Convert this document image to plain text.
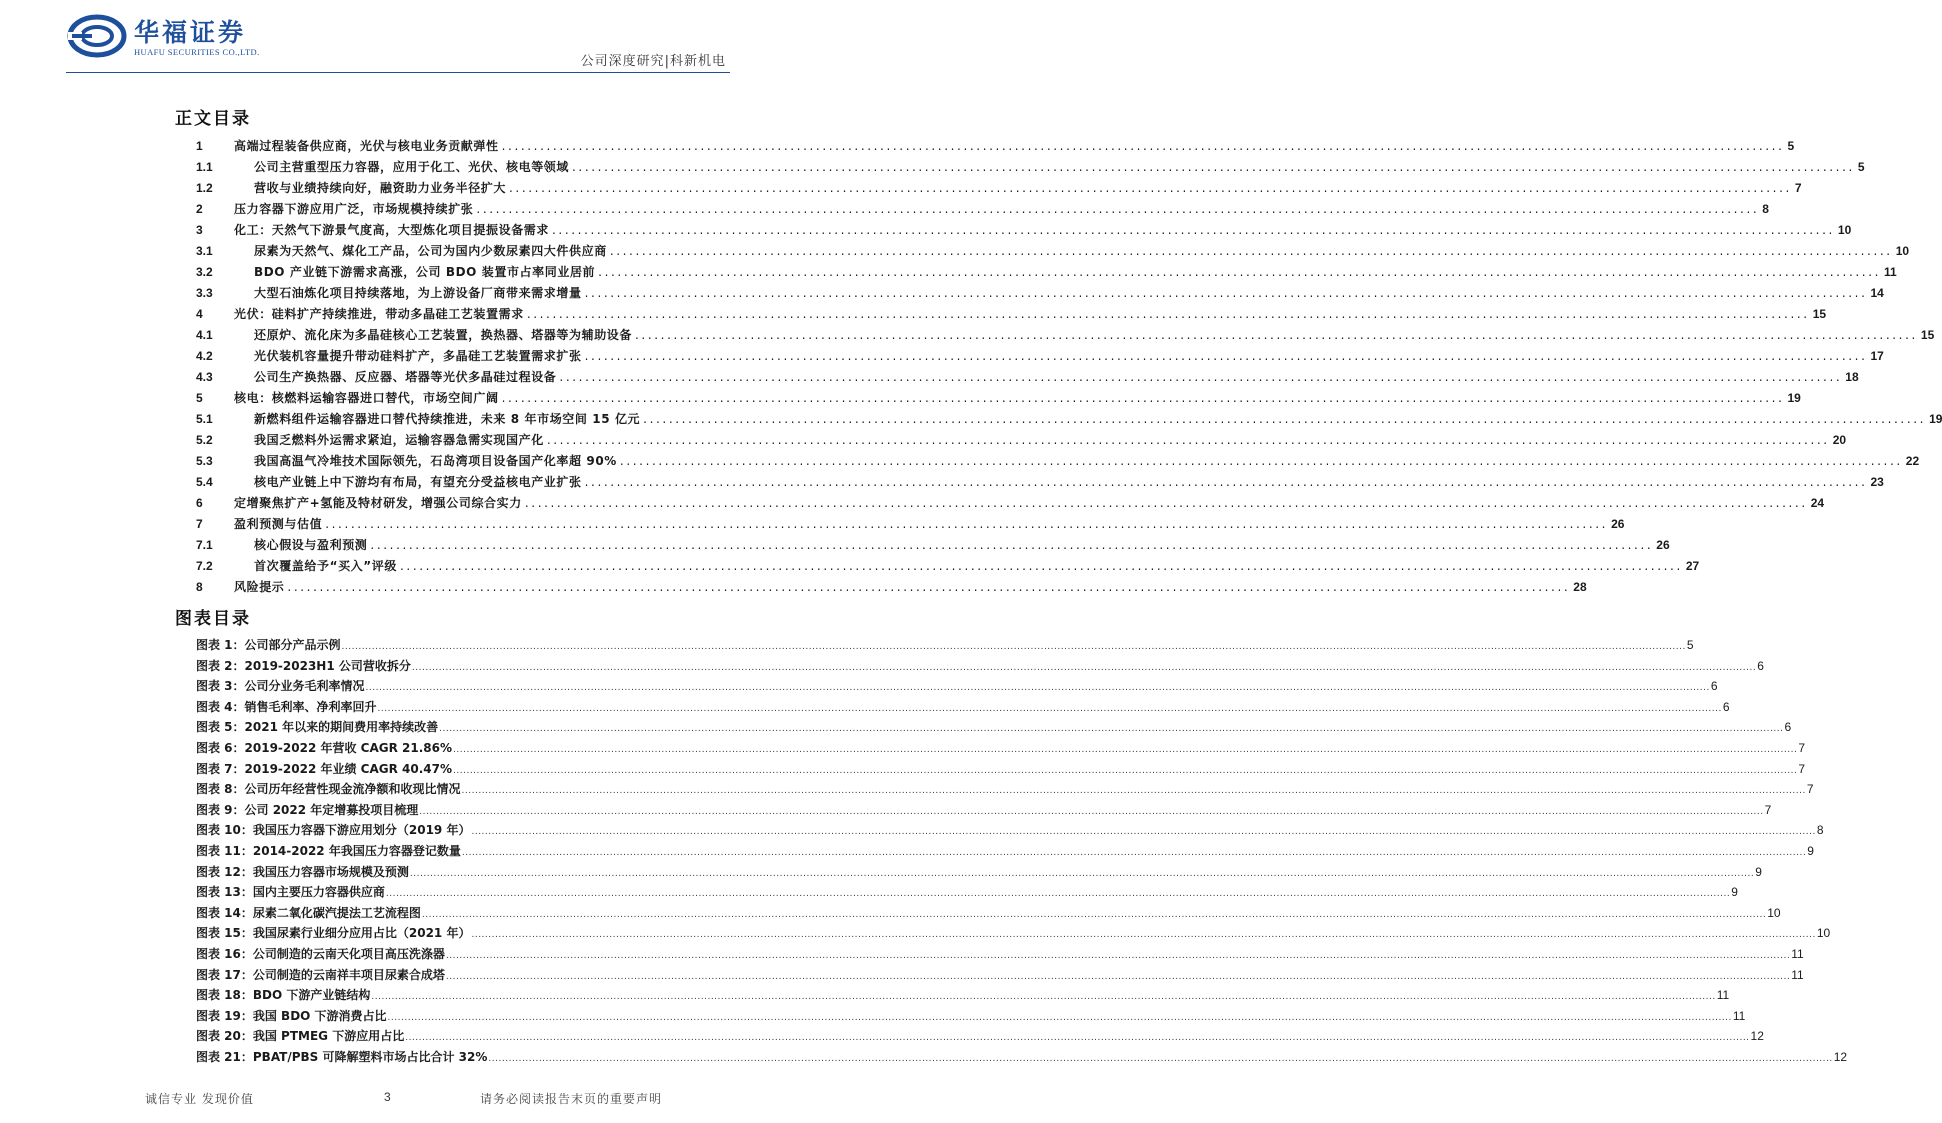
华福证券
HUAFU SECURITIES CO.,LTD.
公司深度研究|科新机电
正文目录
1	高端过程装备供应商，光伏与核电业务贡献弹性 ........................................................................................................................................................................................................ 5
1.1	公司主营重型压力容器，应用于化工、光伏、核电等领域 ........................................................................................................................................................................................................ 5
1.2	营收与业绩持续向好，融资助力业务半径扩大 ........................................................................................................................................................................................................ 7
2	压力容器下游应用广泛，市场规模持续扩张 ........................................................................................................................................................................................................ 8
3	化工：天然气下游景气度高，大型炼化项目提振设备需求 ........................................................................................................................................................................................................ 10
3.1	尿素为天然气、煤化工产品，公司为国内少数尿素四大件供应商 ........................................................................................................................................................................................................ 10
3.2	BDO 产业链下游需求高涨，公司 BDO 装置市占率同业居前 ........................................................................................................................................................................................................ 11
3.3	大型石油炼化项目持续落地，为上游设备厂商带来需求增量 ........................................................................................................................................................................................................ 14
4	光伏：硅料扩产持续推进，带动多晶硅工艺装置需求 ........................................................................................................................................................................................................ 15
4.1	还原炉、流化床为多晶硅核心工艺装置，换热器、塔器等为辅助设备 ........................................................................................................................................................................................................ 15
4.2	光伏装机容量提升带动硅料扩产，多晶硅工艺装置需求扩张 ........................................................................................................................................................................................................ 17
4.3	公司生产换热器、反应器、塔器等光伏多晶硅过程设备 ........................................................................................................................................................................................................ 18
5	核电：核燃料运输容器进口替代，市场空间广阔 ........................................................................................................................................................................................................ 19
5.1	新燃料组件运输容器进口替代持续推进，未来 8 年市场空间 15 亿元 ........................................................................................................................................................................................................ 19
5.2	我国乏燃料外运需求紧迫，运输容器急需实现国产化 ........................................................................................................................................................................................................ 20
5.3	我国高温气冷堆技术国际领先，石岛湾项目设备国产化率超 90% ........................................................................................................................................................................................................ 22
5.4	核电产业链上中下游均有布局，有望充分受益核电产业扩张 ........................................................................................................................................................................................................ 23
6	定增聚焦扩产+氢能及特材研发，增强公司综合实力 ........................................................................................................................................................................................................ 24
7	盈利预测与估值 ........................................................................................................................................................................................................ 26
7.1	核心假设与盈利预测 ........................................................................................................................................................................................................ 26
7.2	首次覆盖给予“买入”评级 ........................................................................................................................................................................................................ 27
8	风险提示 ........................................................................................................................................................................................................ 28
图表目录
图表 1：公司部分产品示例 ................................................................................................................................................................................................................................................................................................................................................................................................................ 5
图表 2：2019-2023H1 公司营收拆分 ................................................................................................................................................................................................................................................................................................................................................................................................................ 6
图表 3：公司分业务毛利率情况 ................................................................................................................................................................................................................................................................................................................................................................................................................ 6
图表 4：销售毛利率、净利率回升 ................................................................................................................................................................................................................................................................................................................................................................................................................ 6
图表 5：2021 年以来的期间费用率持续改善 ................................................................................................................................................................................................................................................................................................................................................................................................................ 6
图表 6：2019-2022 年营收 CAGR 21.86% ................................................................................................................................................................................................................................................................................................................................................................................................................ 7
图表 7：2019-2022 年业绩 CAGR 40.47% ................................................................................................................................................................................................................................................................................................................................................................................................................ 7
图表 8：公司历年经营性现金流净额和收现比情况 ................................................................................................................................................................................................................................................................................................................................................................................................................ 7
图表 9：公司 2022 年定增募投项目梳理 ................................................................................................................................................................................................................................................................................................................................................................................................................ 7
图表 10：我国压力容器下游应用划分（2019 年） ................................................................................................................................................................................................................................................................................................................................................................................................................ 8
图表 11：2014-2022 年我国压力容器登记数量 ................................................................................................................................................................................................................................................................................................................................................................................................................ 9
图表 12：我国压力容器市场规模及预测 ................................................................................................................................................................................................................................................................................................................................................................................................................ 9
图表 13：国内主要压力容器供应商 ................................................................................................................................................................................................................................................................................................................................................................................................................ 9
图表 14：尿素二氧化碳汽提法工艺流程图 ................................................................................................................................................................................................................................................................................................................................................................................................................ 10
图表 15：我国尿素行业细分应用占比（2021 年） ................................................................................................................................................................................................................................................................................................................................................................................................................ 10
图表 16：公司制造的云南天化项目高压洗涤器 ................................................................................................................................................................................................................................................................................................................................................................................................................ 11
图表 17：公司制造的云南祥丰项目尿素合成塔 ................................................................................................................................................................................................................................................................................................................................................................................................................ 11
图表 18：BDO 下游产业链结构 ................................................................................................................................................................................................................................................................................................................................................................................................................ 11
图表 19：我国 BDO 下游消费占比 ................................................................................................................................................................................................................................................................................................................................................................................................................ 11
图表 20：我国 PTMEG 下游应用占比 ................................................................................................................................................................................................................................................................................................................................................................................................................ 12
图表 21：PBAT/PBS 可降解塑料市场占比合计 32% ................................................................................................................................................................................................................................................................................................................................................................................................................ 12
诚信专业 发现价值	3	请务必阅读报告末页的重要声明
